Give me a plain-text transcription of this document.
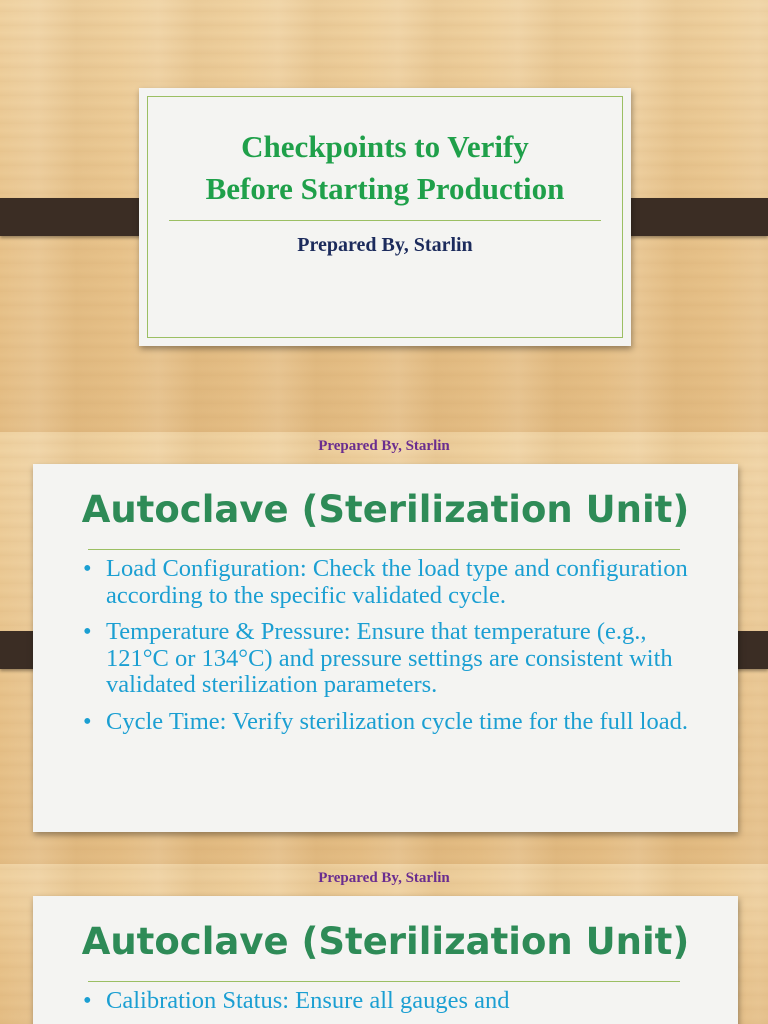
Checkpoints to Verify
Before Starting Production
Prepared By, Starlin
Prepared By, Starlin
Autoclave (Sterilization Unit)
• Load Configuration: Check the load type and configuration according to the specific validated cycle.
• Temperature & Pressure: Ensure that temperature (e.g., 121°C or 134°C) and pressure settings are consistent with validated sterilization parameters.
• Cycle Time: Verify sterilization cycle time for the full load.
Prepared By, Starlin
Autoclave (Sterilization Unit)
• Calibration Status: Ensure all gauges and
